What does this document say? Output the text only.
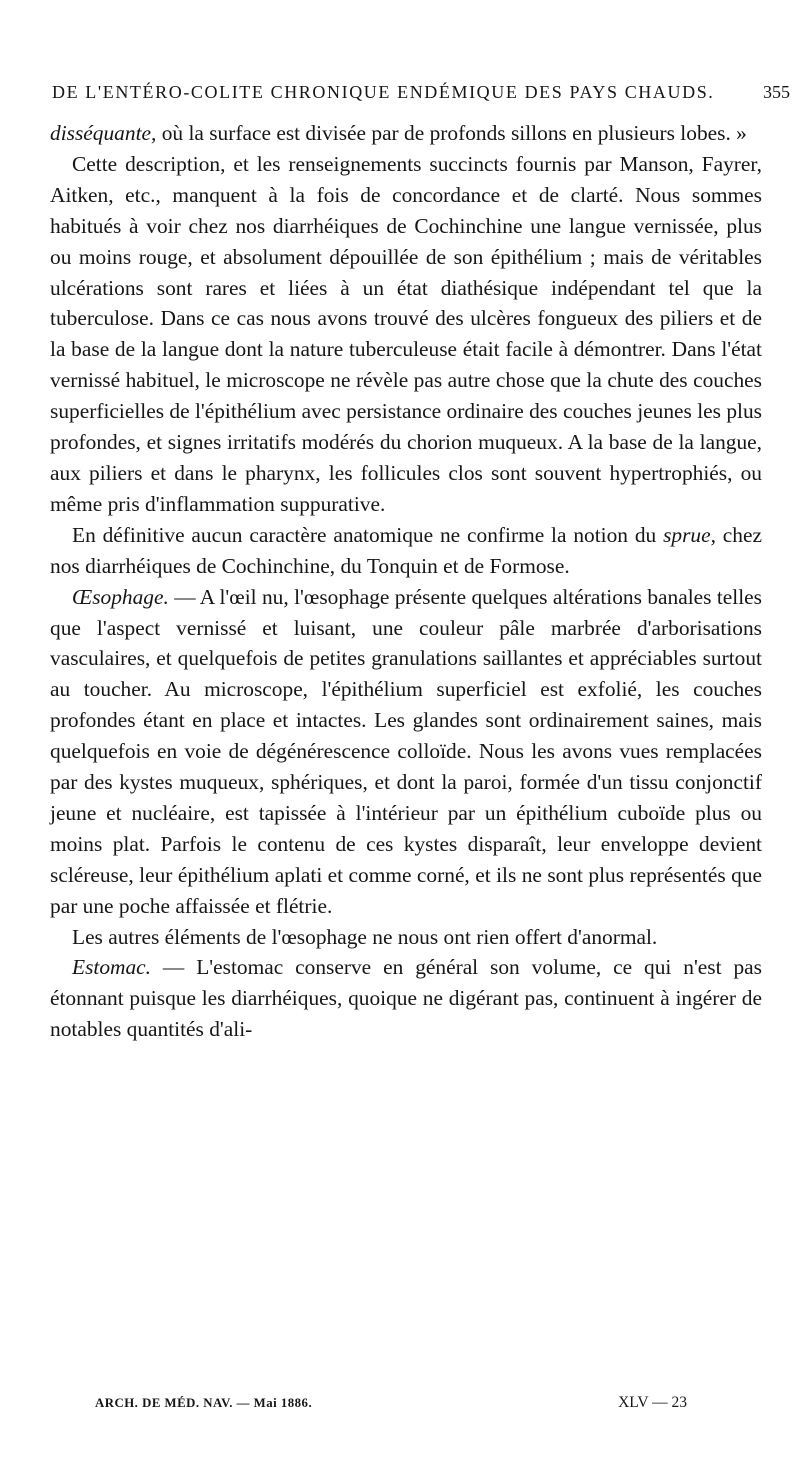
DE L'ENTÉRO-COLITE CHRONIQUE ENDÉMIQUE DES PAYS CHAUDS.	355

disséquante, où la surface est divisée par de profonds sillons en plusieurs lobes. »

Cette description, et les renseignements succincts fournis par Manson, Fayrer, Aitken, etc., manquent à la fois de concordance et de clarté. Nous sommes habitués à voir chez nos diarrhéiques de Cochinchine une langue vernissée, plus ou moins rouge, et absolument dépouillée de son épithélium ; mais de véritables ulcérations sont rares et liées à un état diathésique indépendant tel que la tuberculose. Dans ce cas nous avons trouvé des ulcères fongueux des piliers et de la base de la langue dont la nature tuberculeuse était facile à démontrer. Dans l'état vernissé habituel, le microscope ne révèle pas autre chose que la chute des couches superficielles de l'épithélium avec persistance ordinaire des couches jeunes les plus profondes, et signes irritatifs modérés du chorion muqueux. A la base de la langue, aux piliers et dans le pharynx, les follicules clos sont souvent hypertrophiés, ou même pris d'inflammation suppurative.

En définitive aucun caractère anatomique ne confirme la notion du sprue, chez nos diarrhéiques de Cochinchine, du Tonquin et de Formose.

Œsophage. — A l'œil nu, l'œsophage présente quelques altérations banales telles que l'aspect vernissé et luisant, une couleur pâle marbrée d'arborisations vasculaires, et quelquefois de petites granulations saillantes et appréciables surtout au toucher. Au microscope, l'épithélium superficiel est exfolié, les couches profondes étant en place et intactes. Les glandes sont ordinairement saines, mais quelquefois en voie de dégénérescence colloïde. Nous les avons vues remplacées par des kystes muqueux, sphériques, et dont la paroi, formée d'un tissu conjonctif jeune et nucléaire, est tapissée à l'intérieur par un épithélium cuboïde plus ou moins plat. Parfois le contenu de ces kystes disparaît, leur enveloppe devient scléreuse, leur épithélium aplati et comme corné, et ils ne sont plus représentés que par une poche affaissée et flétrie.

Les autres éléments de l'œsophage ne nous ont rien offert d'anormal.

Estomac. — L'estomac conserve en général son volume, ce qui n'est pas étonnant puisque les diarrhéiques, quoique ne digérant pas, continuent à ingérer de notables quantités d'ali-

ARCH. DE MÉD. NAV. — Mai 1886.	XLV — 23
